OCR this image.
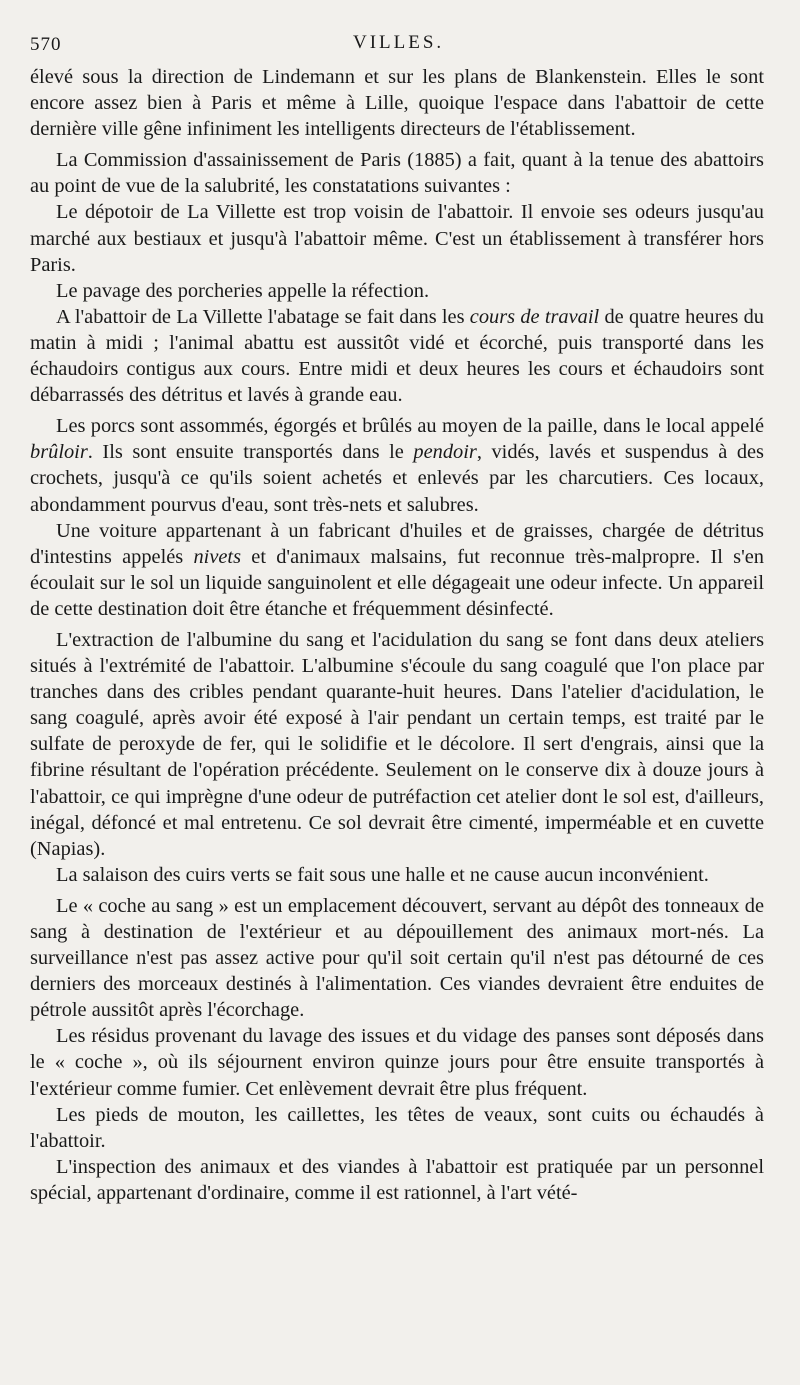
570	VILLES.

élevé sous la direction de Lindemann et sur les plans de Blankenstein. Elles le sont encore assez bien à Paris et même à Lille, quoique l'espace dans l'abattoir de cette dernière ville gêne infiniment les intelligents directeurs de l'établissement.

La Commission d'assainissement de Paris (1885) a fait, quant à la tenue des abattoirs au point de vue de la salubrité, les constatations suivantes :

Le dépotoir de La Villette est trop voisin de l'abattoir. Il envoie ses odeurs jusqu'au marché aux bestiaux et jusqu'à l'abattoir même. C'est un établissement à transférer hors Paris.

Le pavage des porcheries appelle la réfection.

A l'abattoir de La Villette l'abatage se fait dans les cours de travail de quatre heures du matin à midi ; l'animal abattu est aussitôt vidé et écorché, puis transporté dans les échaudoirs contigus aux cours. Entre midi et deux heures les cours et échaudoirs sont débarrassés des détritus et lavés à grande eau.

Les porcs sont assommés, égorgés et brûlés au moyen de la paille, dans le local appelé brûloir. Ils sont ensuite transportés dans le pendoir, vidés, lavés et suspendus à des crochets, jusqu'à ce qu'ils soient achetés et enlevés par les charcutiers. Ces locaux, abondamment pourvus d'eau, sont très-nets et salubres.

Une voiture appartenant à un fabricant d'huiles et de graisses, chargée de détritus d'intestins appelés nivets et d'animaux malsains, fut reconnue très-malpropre. Il s'en écoulait sur le sol un liquide sanguinolent et elle dégageait une odeur infecte. Un appareil de cette destination doit être étanche et fréquemment désinfecté.

L'extraction de l'albumine du sang et l'acidulation du sang se font dans deux ateliers situés à l'extrémité de l'abattoir. L'albumine s'écoule du sang coagulé que l'on place par tranches dans des cribles pendant quarante-huit heures. Dans l'atelier d'acidulation, le sang coagulé, après avoir été exposé à l'air pendant un certain temps, est traité par le sulfate de peroxyde de fer, qui le solidifie et le décolore. Il sert d'engrais, ainsi que la fibrine résultant de l'opération précédente. Seulement on le conserve dix à douze jours à l'abattoir, ce qui imprègne d'une odeur de putréfaction cet atelier dont le sol est, d'ailleurs, inégal, défoncé et mal entretenu. Ce sol devrait être cimenté, imperméable et en cuvette (Napias).

La salaison des cuirs verts se fait sous une halle et ne cause aucun inconvénient.

Le « coche au sang » est un emplacement découvert, servant au dépôt des tonneaux de sang à destination de l'extérieur et au dépouillement des animaux mort-nés. La surveillance n'est pas assez active pour qu'il soit certain qu'il n'est pas détourné de ces derniers des morceaux destinés à l'alimentation. Ces viandes devraient être enduites de pétrole aussitôt après l'écorchage.

Les résidus provenant du lavage des issues et du vidage des panses sont déposés dans le « coche », où ils séjournent environ quinze jours pour être ensuite transportés à l'extérieur comme fumier. Cet enlèvement devrait être plus fréquent.

Les pieds de mouton, les caillettes, les têtes de veaux, sont cuits ou échaudés à l'abattoir.

L'inspection des animaux et des viandes à l'abattoir est pratiquée par un personnel spécial, appartenant d'ordinaire, comme il est rationnel, à l'art vété-
